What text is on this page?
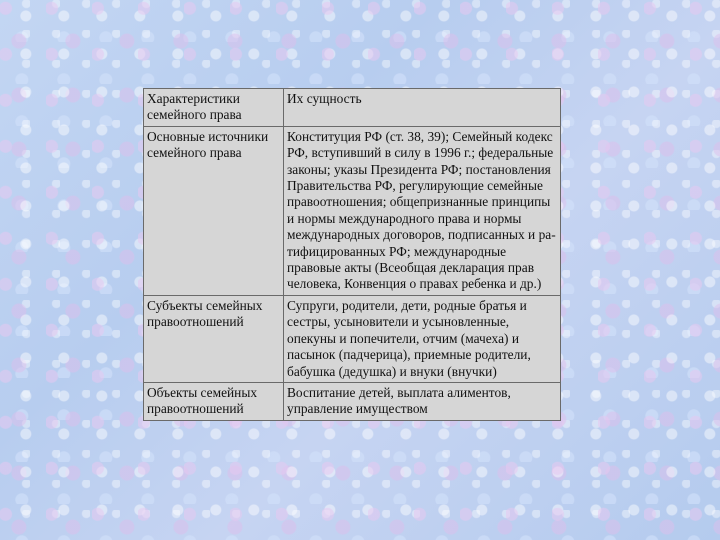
Характеристики семейного права	Их сущность
Основные источники семейного права	Конституция РФ (ст. 38, 39); Семейный кодекс РФ, вступивший в силу в 1996 г.; федеральные законы; указы Президента РФ; постановления Правительства РФ, регулирующие семейные правоотношения; общепризнанные принципы и нормы международного права и нормы международных договоров, подписанных и ратифицированных РФ; международные правовые акты (Всеобщая декларация прав человека, Конвенция о правах ребенка и др.)
Субъекты семейных правоотношений	Супруги, родители, дети, родные братья и сестры, усыновители и усыновленные, опекуны и попечители, отчим (мачеха) и пасынок (падчерица), приемные родители, бабушка (дедушка) и внуки (внучки)
Объекты семейных правоотношений	Воспитание детей, выплата алиментов, управление имуществом
